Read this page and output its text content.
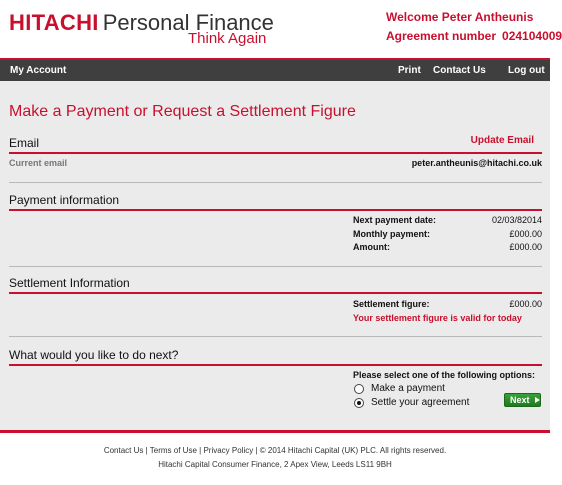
HITACHI Personal Finance
Think Again
Welcome Peter Antheunis
Agreement number 024104009
My Account	Print Contact Us Log out
Make a Payment or Request a Settlement Figure
Email	Update Email
Current email	peter.antheunis@hitachi.co.uk
Payment information
Next payment date:	02/03/82014
Monthly payment:	£000.00
Amount:	£000.00
Settlement Information
Settlement figure:	£000.00
Your settlement figure is valid for today
What would you like to do next?
Please select one of the following options:
Make a payment
Settle your agreement	Next
Contact Us | Terms of Use | Privacy Policy | © 2014 Hitachi Capital (UK) PLC. All rights reserved.
Hitachi Capital Consumer Finance, 2 Apex View, Leeds LS11 9BH
